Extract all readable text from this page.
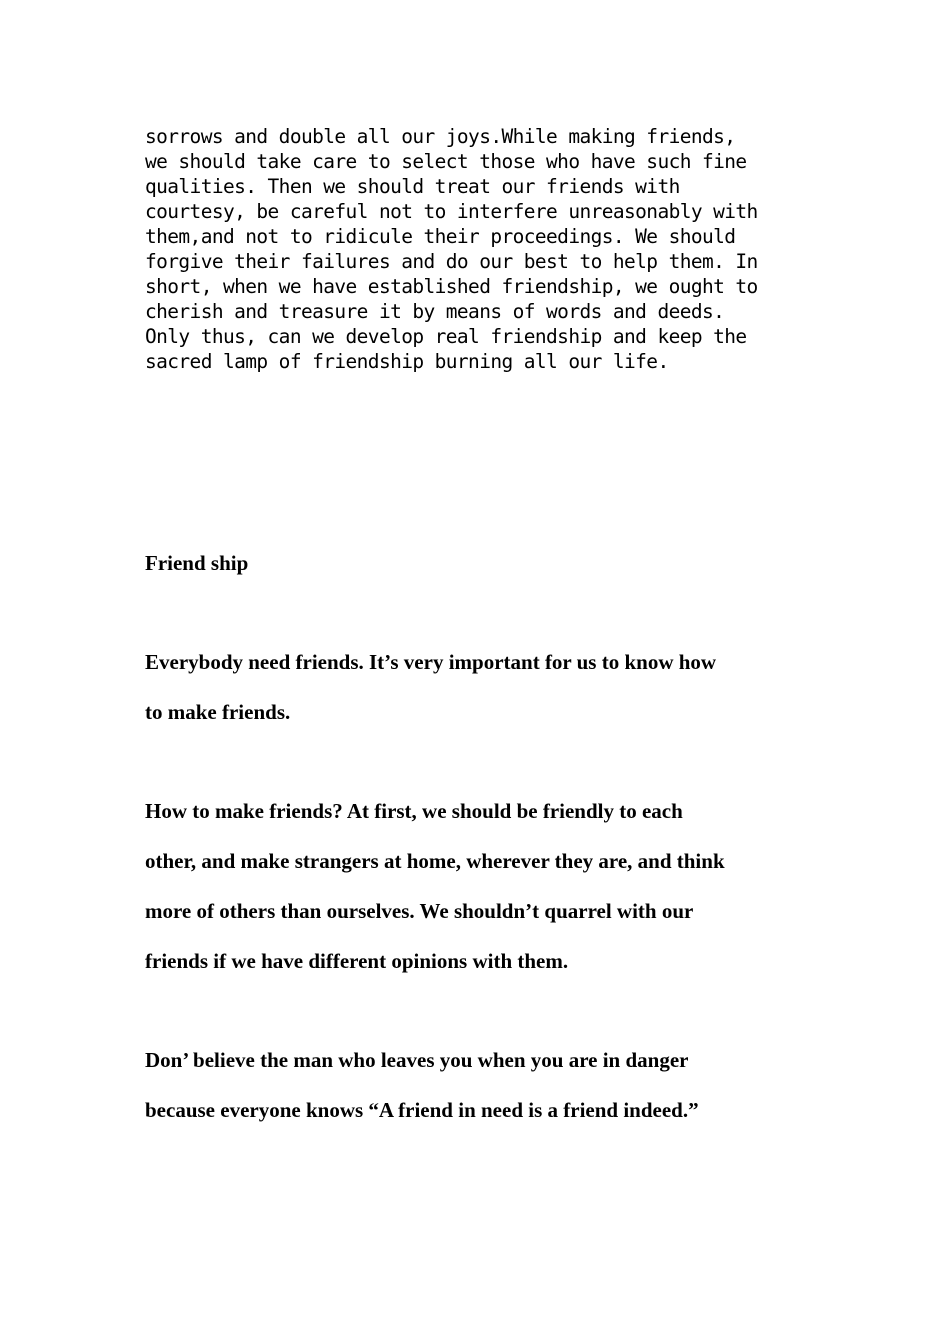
sorrows and double all our joys.While making friends,
we should take care to select those who have such fine
qualities. Then we should treat our friends with
courtesy, be careful not to interfere unreasonably with
them,and not to ridicule their proceedings. We should
forgive their failures and do our best to help them. In
short, when we have established friendship, we ought to
cherish and treasure it by means of words and deeds.
Only thus, can we develop real friendship and keep the
sacred lamp of friendship burning all our life.
Friend ship
Everybody need friends. It’s very important for us to know how
to make friends.
How to make friends? At first, we should be friendly to each
other, and make strangers at home, wherever they are, and think
more of others than ourselves. We shouldn’t quarrel with our
friends if we have different opinions with them.
Don’ believe the man who leaves you when you are in danger
because everyone knows “A friend in need is a friend indeed.”
